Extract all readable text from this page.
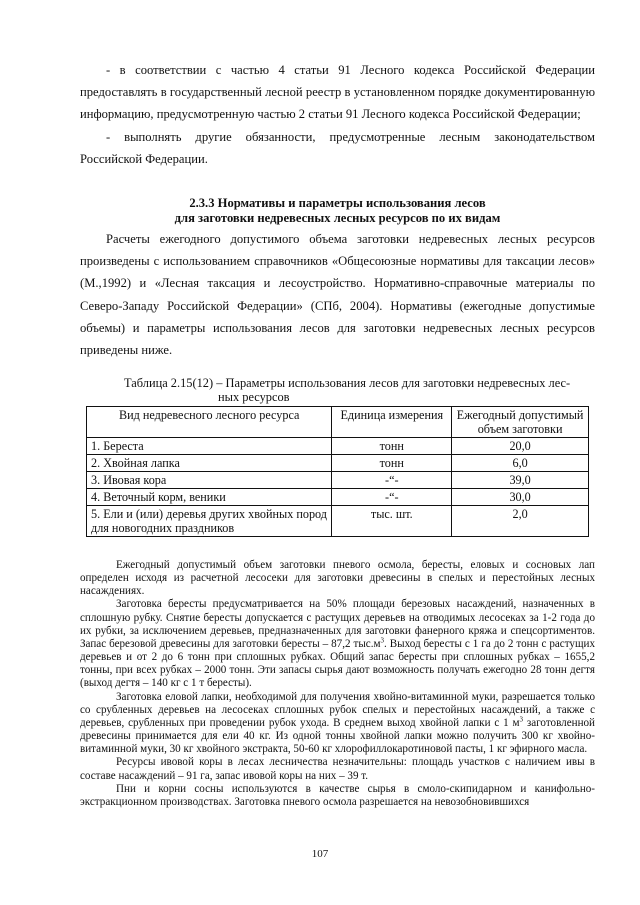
- в соответствии с частью 4 статьи 91 Лесного кодекса Российской Федерации предоставлять в государственный лесной реестр в установленном порядке документированную информацию, предусмотренную частью 2 статьи 91 Лесного кодекса Российской Федерации;

- выполнять другие обязанности, предусмотренные лесным законодательством Российской Федерации.

2.3.3 Нормативы и параметры использования лесов
для заготовки недревесных лесных ресурсов по их видам

Расчеты ежегодного допустимого объема заготовки недревесных лесных ресурсов произведены с использованием справочников «Общесоюзные нормативы для таксации лесов» (М.,1992) и «Лесная таксация и лесоустройство. Нормативно-справочные материалы по Северо-Западу Российской Федерации» (СПб, 2004). Нормативы (ежегодные допустимые объемы) и параметры использования лесов для заготовки недревесных лесных ресурсов приведены ниже.

Таблица 2.15(12) – Параметры использования лесов для заготовки недревесных лес-
ных ресурсов
Вид недревесного лесного ресурса	Единица измерения	Ежегодный допустимый объем заготовки
1. Береста	тонн	20,0
2. Хвойная лапка	тонн	6,0
3. Ивовая кора	-“-	39,0
4. Веточный корм, веники	-“-	30,0
5. Ели и (или) деревья других хвойных пород для новогодних праздников	тыс. шт.	2,0

Ежегодный допустимый объем заготовки пневого осмола, бересты, еловых и сосновых лап определен исходя из расчетной лесосеки для заготовки древесины в спелых и перестойных лесных насаждениях.

Заготовка бересты предусматривается на 50% площади березовых насаждений, назначенных в сплошную рубку. Снятие бересты допускается с растущих деревьев на отводимых лесосеках за 1-2 года до их рубки, за исключением деревьев, предназначенных для заготовки фанерного кряжа и спецсортиментов. Запас березовой древесины для заготовки бересты – 87,2 $тыс.м^3$. Выход бересты с 1 га до 2 тонн с растущих деревьев и от 2 до 6 тонн при сплошных рубках. Общий запас бересты при сплошных рубках – 1655,2 тонны, при всех рубках – 2000 тонн. Эти запасы сырья дают возможность получать ежегодно 28 тонн дегтя (выход дегтя – 140 кг с 1 т бересты).

Заготовка еловой лапки, необходимой для получения хвойно-витаминной муки, разрешается только со срубленных деревьев на лесосеках сплошных рубок спелых и перестойных насаждений, а также с деревьев, срубленных при проведении рубок ухода. В среднем выход хвойной лапки с 1 $м^3$ заготовленной древесины принимается для ели 40 кг. Из одной тонны хвойной лапки можно получить 300 кг хвойно-витаминной муки, 30 кг хвойного экстракта, 50-60 кг хлорофиллокаротиновой пасты, 1 кг эфирного масла.

Ресурсы ивовой коры в лесах лесничества незначительны: площадь участков с наличием ивы в составе насаждений – 91 га, запас ивовой коры на них – 39 т.

Пни и корни сосны используются в качестве сырья в смоло-скипидарном и канифольно-экстракционном производствах. Заготовка пневого осмола разрешается на невозобновившихся

107
